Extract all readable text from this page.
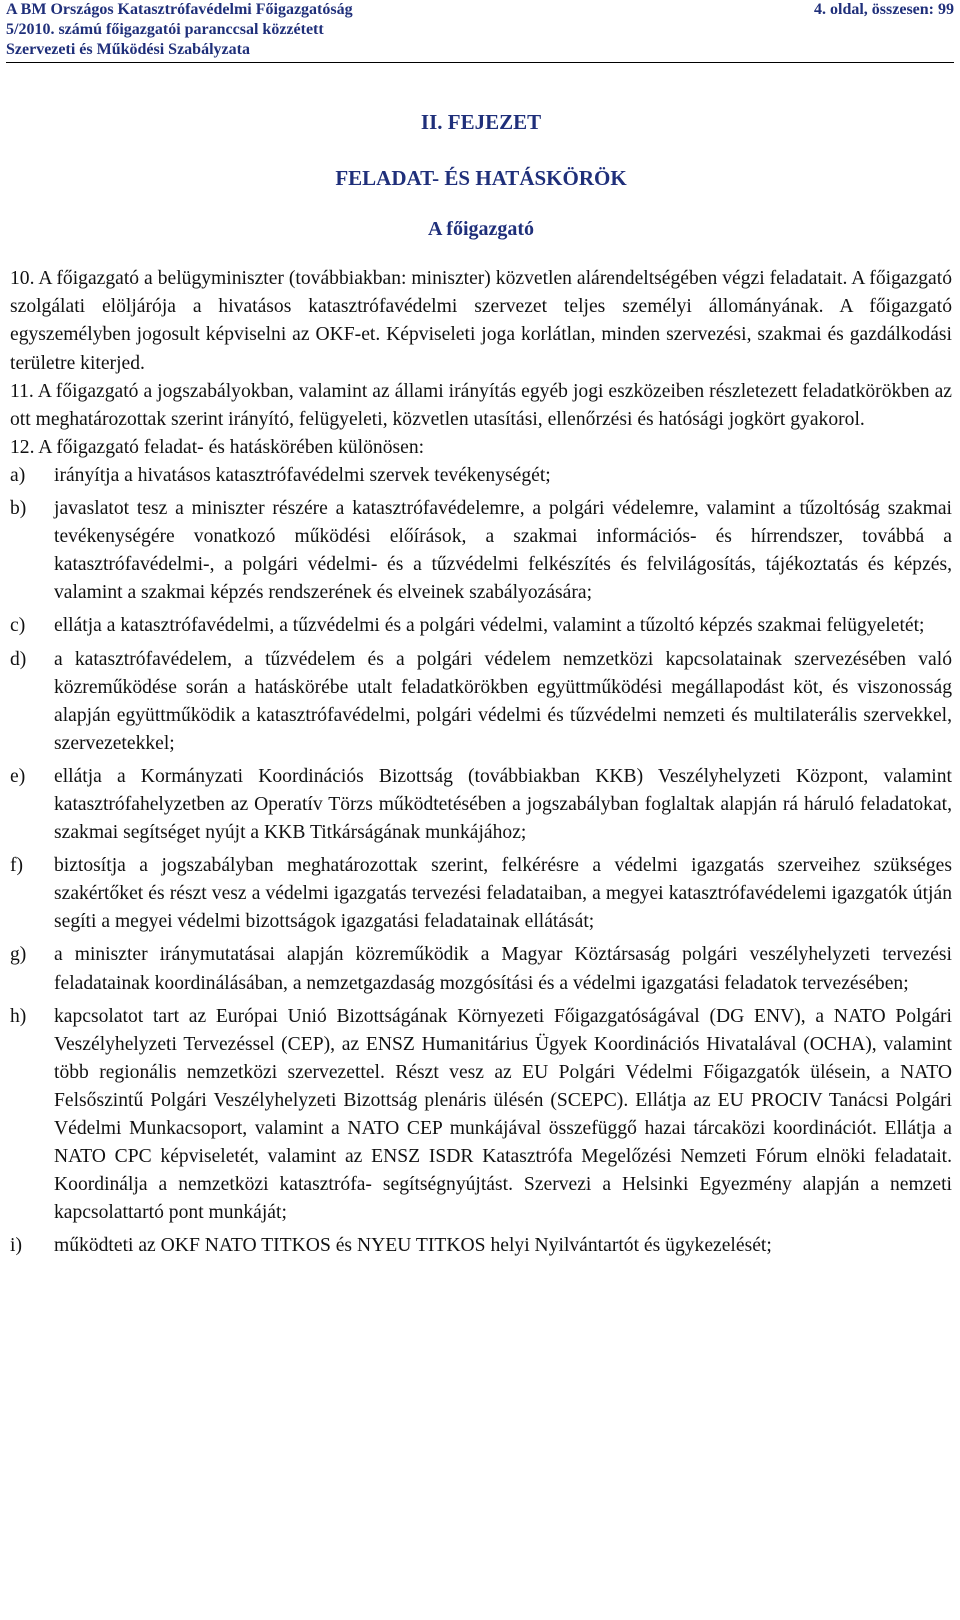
A BM Országos Katasztrófavédelmi Főigazgatóság	4. oldal, összesen: 99
5/2010. számú főigazgatói paranccsal közzétett
Szervezeti és Működési Szabályzata
II. FEJEZET
FELADAT- ÉS HATÁSKÖRÖK
A főigazgató

10. A főigazgató a belügyminiszter (továbbiakban: miniszter) közvetlen alárendeltségében végzi feladatait. A főigazgató szolgálati elöljárója a hivatásos katasztrófavédelmi szervezet teljes személyi állományának. A főigazgató egyszemélyben jogosult képviselni az OKF-et. Képviseleti joga korlátlan, minden szervezési, szakmai és gazdálkodási területre kiterjed.

11. A főigazgató a jogszabályokban, valamint az állami irányítás egyéb jogi eszközeiben részletezett feladatkörökben az ott meghatározottak szerint irányító, felügyeleti, közvetlen utasítási, ellenőrzési és hatósági jogkört gyakorol.

12. A főigazgató feladat- és hatáskörében különösen:

a)	irányítja a hivatásos katasztrófavédelmi szervek tevékenységét;
b)	javaslatot tesz a miniszter részére a katasztrófavédelemre, a polgári védelemre, valamint a tűzoltóság szakmai tevékenységére vonatkozó működési előírások, a szakmai információs- és hírrendszer, továbbá a katasztrófavédelmi-, a polgári védelmi- és a tűzvédelmi felkészítés és felvilágosítás, tájékoztatás és képzés, valamint a szakmai képzés rendszerének és elveinek szabályozására;
c)	ellátja a katasztrófavédelmi, a tűzvédelmi és a polgári védelmi, valamint a tűzoltó képzés szakmai felügyeletét;
d)	a katasztrófavédelem, a tűzvédelem és a polgári védelem nemzetközi kapcsolatainak szervezésében való közreműködése során a hatáskörébe utalt feladatkörökben együttműködési megállapodást köt, és viszonosság alapján együttműködik a katasztrófavédelmi, polgári védelmi és tűzvédelmi nemzeti és multilaterális szervekkel, szervezetekkel;
e)	ellátja a Kormányzati Koordinációs Bizottság (továbbiakban KKB) Veszélyhelyzeti Központ, valamint katasztrófahelyzetben az Operatív Törzs működtetésében a jogszabályban foglaltak alapján rá háruló feladatokat, szakmai segítséget nyújt a KKB Titkárságának munkájához;
f)	biztosítja a jogszabályban meghatározottak szerint, felkérésre a védelmi igazgatás szerveihez szükséges szakértőket és részt vesz a védelmi igazgatás tervezési feladataiban, a megyei katasztrófavédelemi igazgatók útján segíti a megyei védelmi bizottságok igazgatási feladatainak ellátását;
g)	a miniszter iránymutatásai alapján közreműködik a Magyar Köztársaság polgári veszélyhelyzeti tervezési feladatainak koordinálásában, a nemzetgazdaság mozgósítási és a védelmi igazgatási feladatok tervezésében;
h)	kapcsolatot tart az Európai Unió Bizottságának Környezeti Főigazgatóságával (DG ENV), a NATO Polgári Veszélyhelyzeti Tervezéssel (CEP), az ENSZ Humanitárius Ügyek Koordinációs Hivatalával (OCHA), valamint több regionális nemzetközi szervezettel. Részt vesz az EU Polgári Védelmi Főigazgatók ülésein, a NATO Felsőszintű Polgári Veszélyhelyzeti Bizottság plenáris ülésén (SCEPC). Ellátja az EU PROCIV Tanácsi Polgári Védelmi Munkacsoport, valamint a NATO CEP munkájával összefüggő hazai tárcaközi koordinációt. Ellátja a NATO CPC képviseletét, valamint az ENSZ ISDR Katasztrófa Megelőzési Nemzeti Fórum elnöki feladatait. Koordinálja a nemzetközi katasztrófa- segítségnyújtást. Szervezi a Helsinki Egyezmény alapján a nemzeti kapcsolattartó pont munkáját;
i)	működteti az OKF NATO TITKOS és NYEU TITKOS helyi Nyilvántartót és ügykezelését;
